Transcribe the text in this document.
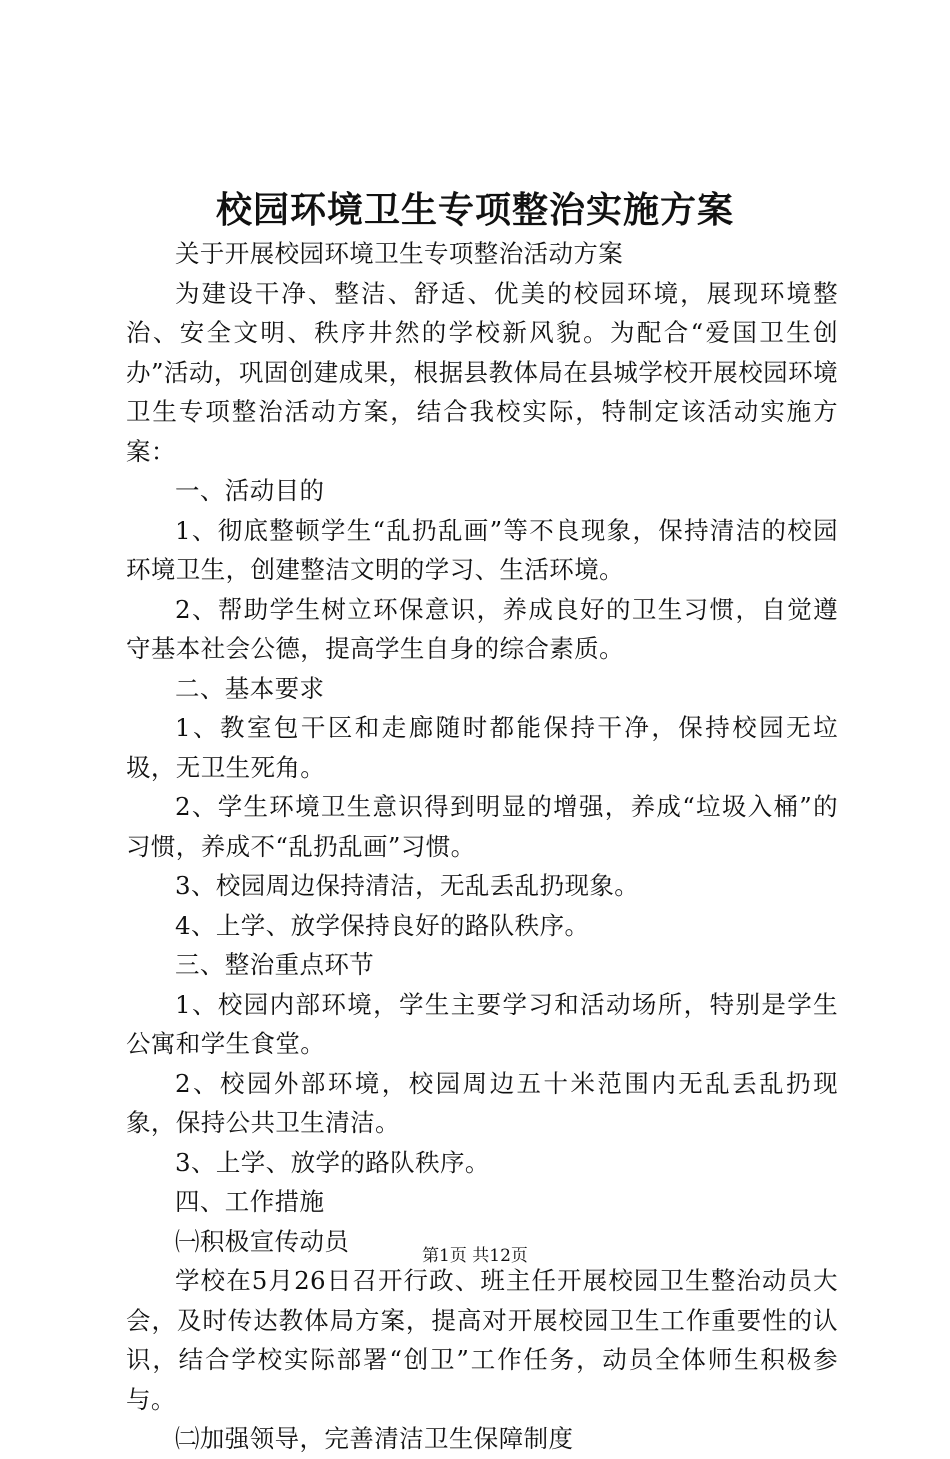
校园环境卫生专项整治实施方案

关于开展校园环境卫生专项整治活动方案

为建设干净、整洁、舒适、优美的校园环境，展现环境整治、安全文明、秩序井然的学校新风貌。为配合“爱国卫生创办”活动，巩固创建成果，根据县教体局在县城学校开展校园环境卫生专项整治活动方案，结合我校实际，特制定该活动实施方案：

一、活动目的

1、彻底整顿学生“乱扔乱画”等不良现象，保持清洁的校园环境卫生，创建整洁文明的学习、生活环境。

2、帮助学生树立环保意识，养成良好的卫生习惯，自觉遵守基本社会公德，提高学生自身的综合素质。

二、基本要求

1、教室包干区和走廊随时都能保持干净，保持校园无垃圾，无卫生死角。

2、学生环境卫生意识得到明显的增强，养成“垃圾入桶”的习惯，养成不“乱扔乱画”习惯。

3、校园周边保持清洁，无乱丢乱扔现象。

4、上学、放学保持良好的路队秩序。

三、整治重点环节

1、校园内部环境，学生主要学习和活动场所，特别是学生公寓和学生食堂。

2、校园外部环境，校园周边五十米范围内无乱丢乱扔现象，保持公共卫生清洁。

3、上学、放学的路队秩序。

四、工作措施

㈠积极宣传动员

学校在5月26日召开行政、班主任开展校园卫生整治动员大会，及时传达教体局方案，提高对开展校园卫生工作重要性的认识，结合学校实际部署“创卫”工作任务，动员全体师生积极参与。

㈡加强领导，完善清洁卫生保障制度

第1页 共12页
